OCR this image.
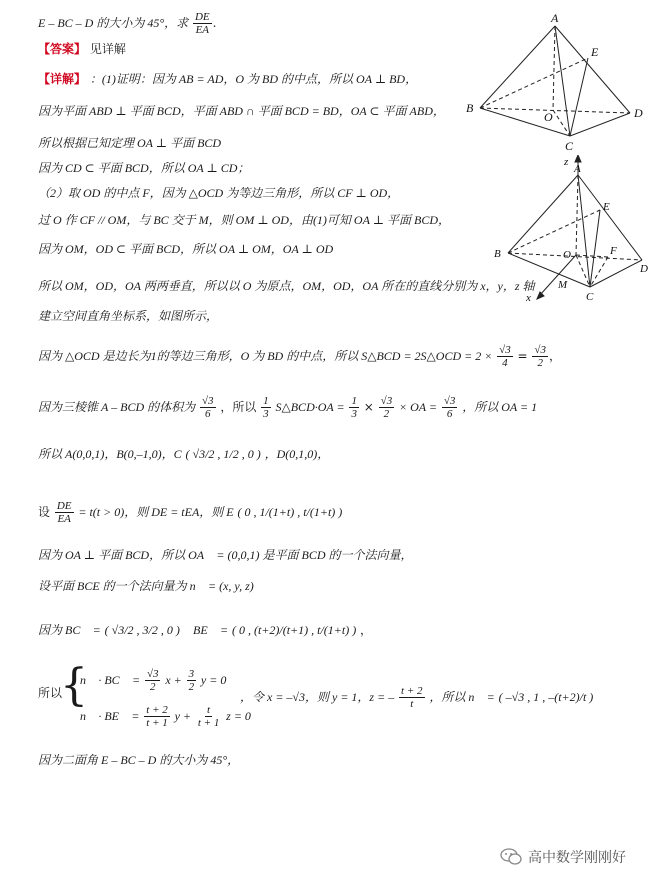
E – BC – D 的大小为 45°，求 $\frac{DE}{EA}$ .
【答案】 见详解
【详解】 ：(1)证明：因为 AB = AD，O 为 BD 的中点，所以 OA ⊥ BD，
因为平面 ABD ⊥ 平面 BCD，平面 ABD ∩ 平面 BCD = BD，OA ⊂ 平面 ABD，
所以根据已知定理 OA ⊥ 平面 BCD
因为 CD ⊂ 平面 BCD，所以 OA ⊥ CD；
（2）取 OD 的中点 F，因为 △OCD 为等边三角形，所以 CF ⊥ OD，
过 O 作 CF // OM，与 BC 交于 M，则 OM ⊥ OD，由(1)可知 OA ⊥ 平面 BCD，
因为 OM，OD ⊂ 平面 BCD，所以 OA ⊥ OM，OA ⊥ OD
所以 OM，OD，OA 两两垂直，所以以 O 为原点，OM，OD，OA 所在的直线分别为 x，y，z 轴
建立空间直角坐标系，如图所示，
因为 △OCD 是边长为1的等边三角形，O 为 BD 的中点，所以 S△BCD = 2S△OCD = $2 \times \frac{√3}{4} = \frac{√3}{2}$ ，
因为三棱锥 A – BCD 的体积为 $\frac{√3}{6}$ ，所以 $\frac{1}{3}$ S△BCD·OA = $\frac{1}{3} \times \frac{√3}{2}$ × OA = $\frac{√3}{6}$ ，所以 OA = 1
所以 A(0,0,1)，B(0,–1,0)，C ( √3/2 , 1/2 , 0 ) ，D(0,1,0)，
设 $\frac{DE}{EA} = t(t > 0)$，则 DE = tEA，则 E ( 0 , 1/(1+t) , t/(1+t) )
因为 OA ⊥ 平面 BCD，所以 OA⃗ = (0,0,1) 是平面 BCD 的一个法向量，
设平面 BCE 的一个法向量为 n⃗ = (x, y, z)，
因为 BC⃗ = ( √3/2 , 3/2 , 0 ) ，BE⃗ = ( 0 , (t+2)/(t+1) , t/(1+t) ) ，
所以
{
n⃗ · BC⃗ = $\frac{√3}{2}$ $x + \frac{3}{2}$ y = 0
n⃗ · BE⃗ = $\frac{t + 2}{t + 1}$ $y + \frac{t}{t + 1}$ z = 0
，令 x = –√3，则 y = 1，z = – $\frac{t + 2}{t}$ ，所以 n⃗ = ( –√3 , 1 , –(t+2)/t )
因为二面角 E – BC – D 的大小为 45°，
A
E
B
O	D
C
z
A
E
B	O	F
D
M
C
x
高中数学刚刚好
